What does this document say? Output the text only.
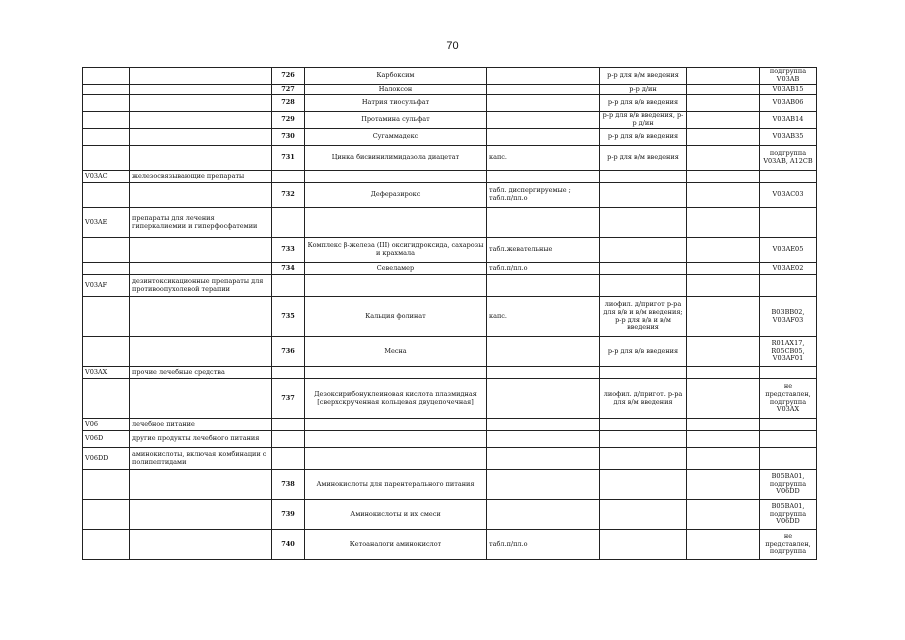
70
		726	Карбоксим		р-р для в/м введения		подгруппа V03AB
		727	Налоксон		р-р д/ин		V03AB15
		728	Натрия тиосульфат		р-р для в/в введения		V03AB06
		729	Протамина сульфат		р-р для в/в введения, р-р д/ин		V03AB14
		730	Сугаммадекс		р-р для в/в введения		V03AB35
		731	Цинка бисвинилимидазола диацетат	капс.	р-р для в/м введения		подгруппа V03AB, A12CB
V03AC	железосвязывающие препараты						
		732	Деферазирокс	табл. диспергируемые ; табл.п/пл.о			V03AC03
V03AE	препараты для лечения гиперкалиемии и гиперфосфатемии						
		733	Комплекс β-железа (III) оксигидроксида, сахарозы и крахмала	табл.жевательные			V03AE05
		734	Севеламер	табл.п/пл.о			V03AE02
V03AF	дезинтоксикационные препараты для противоопухолевой терапии						
		735	Кальция фолинат	капс.	лиофил. д/пригот р-ра для в/в и в/м введения; р-р для в/в и в/м введения		B03BB02, V03AF03
		736	Месна		р-р для в/в введения		R01AX17, R05CB05, V03AF01
V03AX	прочие лечебные средства						
		737	Дезоксирибонуклеиновая кислота плазмидная [сверхскрученная кольцевая двуцепочечная]		лиофил. д/пригот. р-ра для в/м введения		не представлен, подгруппа V03AX
V06	лечебное питание						
V06D	другие продукты лечебного питания						
V06DD	аминокислоты, включая комбинации с полипептидами						
		738	Аминокислоты для парентерального питания				B05BA01, подгруппа V06DD
		739	Аминокислоты и их смеси				B05BA01, подгруппа V06DD
		740	Кетоаналоги аминокислот	табл.п/пл.о			не представлен, подгруппа
